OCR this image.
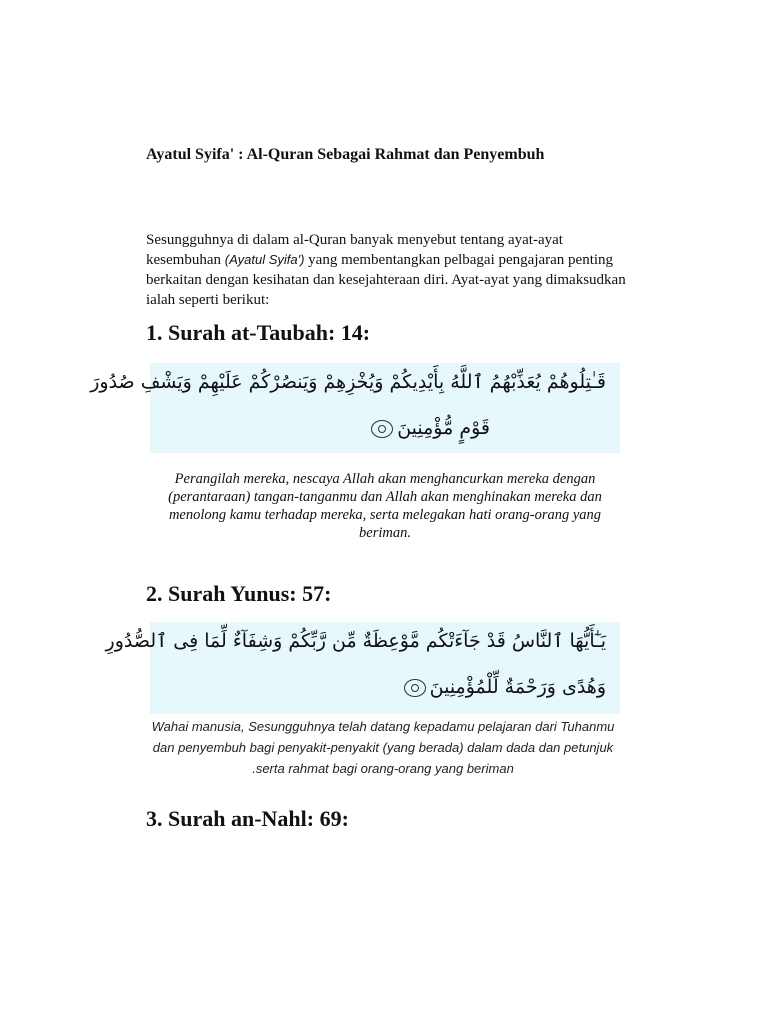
Ayatul Syifa' : Al-Quran Sebagai Rahmat dan Penyembuh

Sesungguhnya di dalam al-Quran banyak menyebut tentang ayat-ayat kesembuhan (Ayatul Syifa') yang membentangkan pelbagai pengajaran penting berkaitan dengan kesihatan dan kesejahteraan diri. Ayat-ayat yang dimaksudkan ialah seperti berikut:

1. Surah at-Taubah: 14:
قَـٰتِلُوهُمْ يُعَذِّبْهُمُ ٱللَّهُ بِأَيْدِيكُمْ وَيُخْزِهِمْ وَيَنصُرْكُمْ عَلَيْهِمْ وَيَشْفِ صُدُورَ
قَوْمٍ مُّؤْمِنِينَ

Perangilah mereka, nescaya Allah akan menghancurkan mereka dengan (perantaraan) tangan-tanganmu dan Allah akan menghinakan mereka dan menolong kamu terhadap mereka, serta melegakan hati orang-orang yang beriman.

2. Surah Yunus: 57:
يَـٰٓأَيُّهَا ٱلنَّاسُ قَدْ جَآءَتْكُم مَّوْعِظَةٌ مِّن رَّبِّكُمْ وَشِفَآءٌ لِّمَا فِى ٱلصُّدُورِ
وَهُدًى وَرَحْمَةٌ لِّلْمُؤْمِنِينَ

Wahai manusia, Sesungguhnya telah datang kepadamu pelajaran dari Tuhanmu dan penyembuh bagi penyakit-penyakit (yang berada) dalam dada dan petunjuk .serta rahmat bagi orang-orang yang beriman

3. Surah an-Nahl: 69:
